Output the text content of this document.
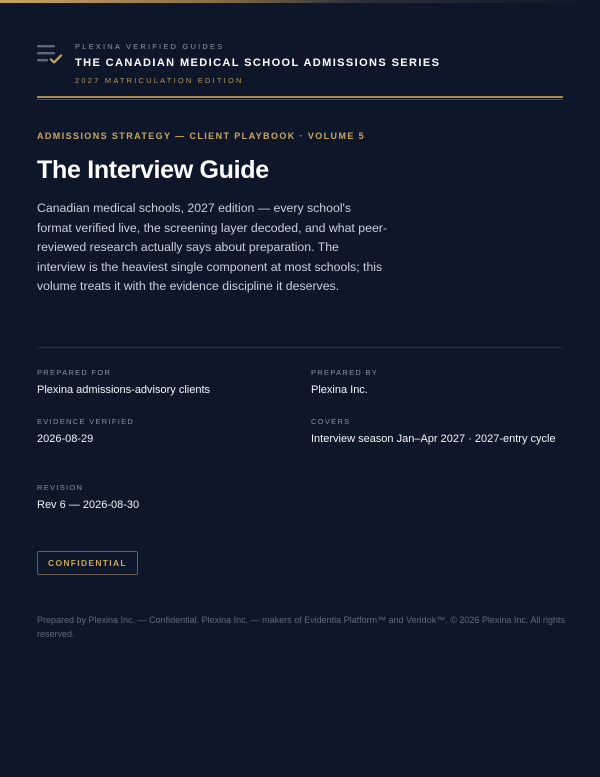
PLEXINA VERIFIED GUIDES
THE CANADIAN MEDICAL SCHOOL ADMISSIONS SERIES
2027 MATRICULATION EDITION
ADMISSIONS STRATEGY — CLIENT PLAYBOOK · VOLUME 5
The Interview Guide

Canadian medical schools, 2027 edition — every school's format verified live, the screening layer decoded, and what peer-reviewed research actually says about preparation. The interview is the heaviest single component at most schools; this volume treats it with the evidence discipline it deserves.

PREPARED FOR
Plexina admissions-advisory clients
PREPARED BY
Plexina Inc.
EVIDENCE VERIFIED
2026-08-29
COVERS
Interview season Jan–Apr 2027 · 2027-entry cycle
REVISION
Rev 6 — 2026-08-30
CONFIDENTIAL
Prepared by Plexina Inc. — Confidential. Plexina Inc. — makers of Evidentia Platform™ and Veridok™. © 2026 Plexina Inc. All rights reserved.
